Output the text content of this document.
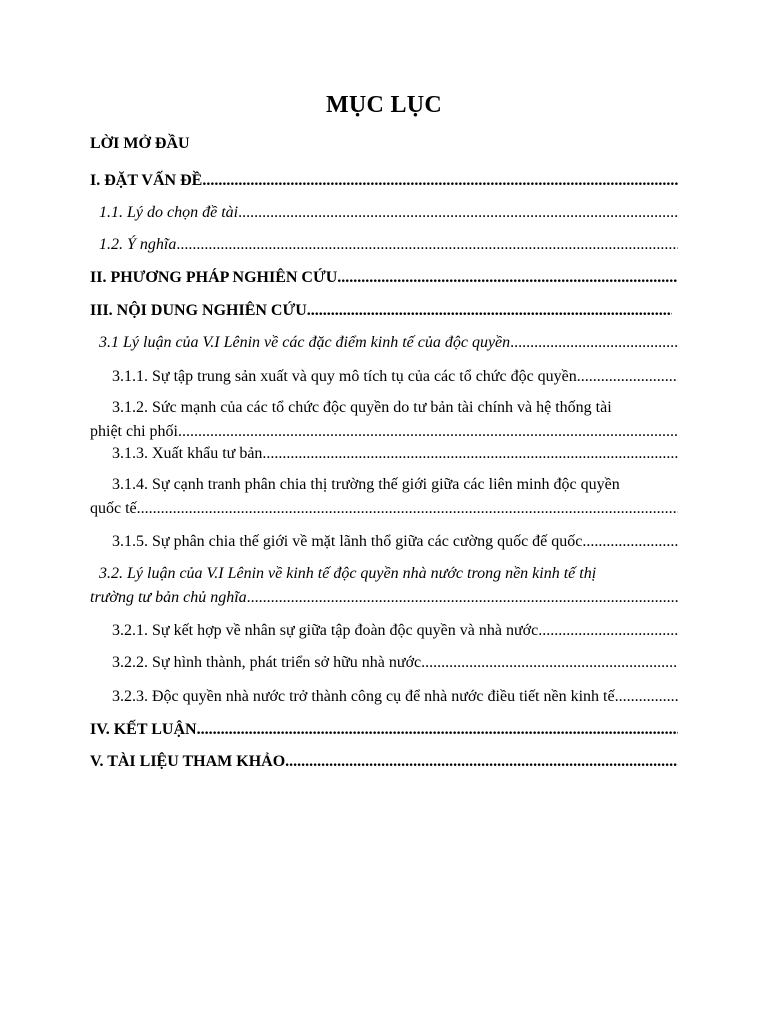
MỤC LỤC
LỜI MỞ ĐẦU
I. ĐẶT VẤN ĐỀ
.....
1.1. Lý do chọn đề tài
.....
1.2. Ý nghĩa
.....
II. PHƯƠNG PHÁP NGHIÊN CỨU
.....
III. NỘI DUNG NGHIÊN CỨU
.....
3.1 Lý luận của V.I Lênin về các đặc điểm kinh tế của độc quyền
.....
3.1.1. Sự tập trung sản xuất và quy mô tích tụ của các tổ chức độc quyền
.....
3.1.2. Sức mạnh của các tổ chức độc quyền do tư bản tài chính và hệ thống tài
phiệt chi phối
.....
3.1.3. Xuất khẩu tư bản
.....
3.1.4. Sự cạnh tranh phân chia thị trường thế giới giữa các liên minh độc quyền
quốc tế
.....
3.1.5. Sự phân chia thế giới về mặt lãnh thổ giữa các cường quốc đế quốc
.....
3.2. Lý luận của V.I Lênin về kinh tế độc quyền nhà nước trong nền kinh tế thị
trường tư bản chủ nghĩa
.....
3.2.1. Sự kết hợp về nhân sự giữa tập đoàn độc quyền và nhà nước
.....
3.2.2. Sự hình thành, phát triển sở hữu nhà nước
.....
3.2.3. Độc quyền nhà nước trở thành công cụ để nhà nước điều tiết nền kinh tế
.....
IV. KẾT LUẬN
.....
V. TÀI LIỆU THAM KHẢO
.....
